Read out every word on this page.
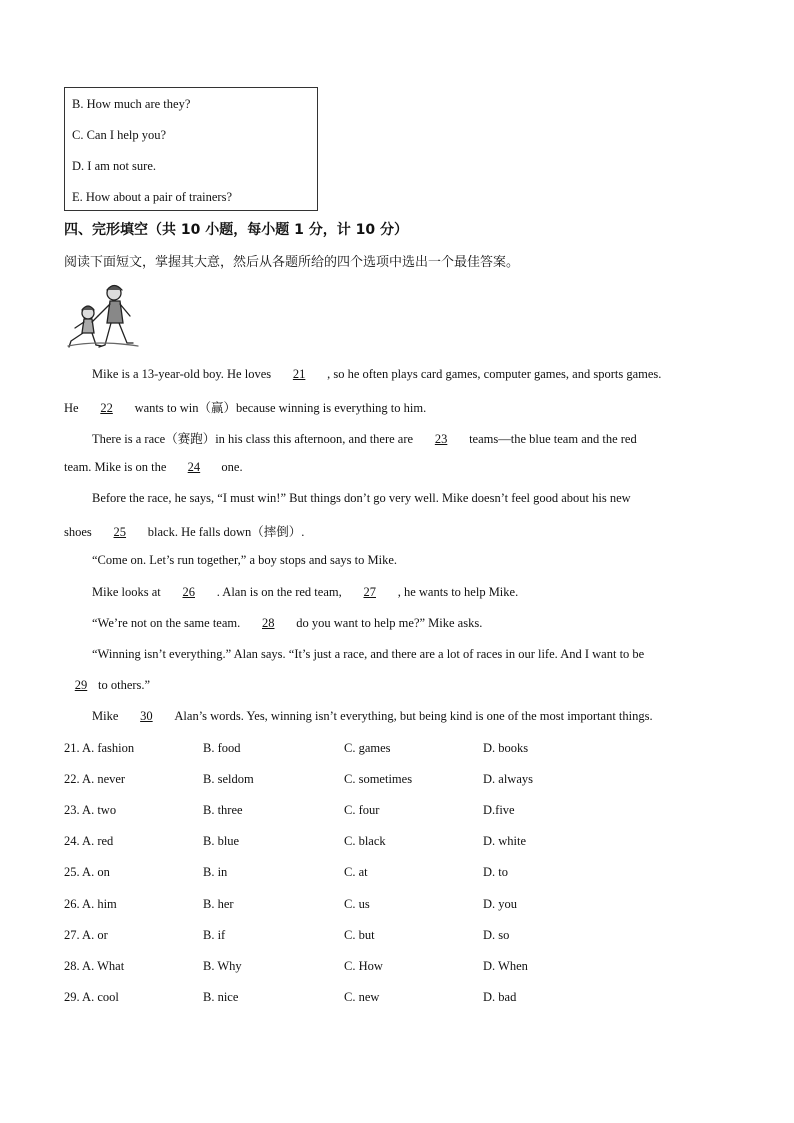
B. How much are they?
C. Can I help you?
D. I am not sure.
E. How about a pair of trainers?
四、完形填空（共 10 小题，每小题 1 分，计 10 分）
阅读下面短文，掌握其大意，然后从各题所给的四个选项中选出一个最佳答案。
Mike is a 13-year-old boy. He loves 21 , so he often plays card games, computer games, and sports games.
He 22 wants to win（赢）because winning is everything to him.
There is a race（赛跑）in his class this afternoon, and there are 23 teams—the blue team and the red
team. Mike is on the 24 one.
Before the race, he says, “I must win!” But things don’t go very well. Mike doesn’t feel good about his new
shoes 25 black. He falls down（摔倒）.
“Come on. Let’s run together,” a boy stops and says to Mike.
Mike looks at 26 . Alan is on the red team, 27 , he wants to help Mike.
“We’re not on the same team. 28 do you want to help me?” Mike asks.
“Winning isn’t everything.” Alan says. “It’s just a race, and there are a lot of races in our life. And I want to be
29 to others.”
Mike 30 Alan’s words. Yes, winning isn’t everything, but being kind is one of the most important things.
21. A. fashion	B. food	C. games	D. books
22. A. never	B. seldom	C. sometimes	D. always
23. A. two	B. three	C. four	D.five
24. A. red	B. blue	C. black	D. white
25. A. on	B. in	C. at	D. to
26. A. him	B. her	C. us	D. you
27. A. or	B. if	C. but	D. so
28. A. What	B. Why	C. How	D. When
29. A. cool	B. nice	C. new	D. bad
